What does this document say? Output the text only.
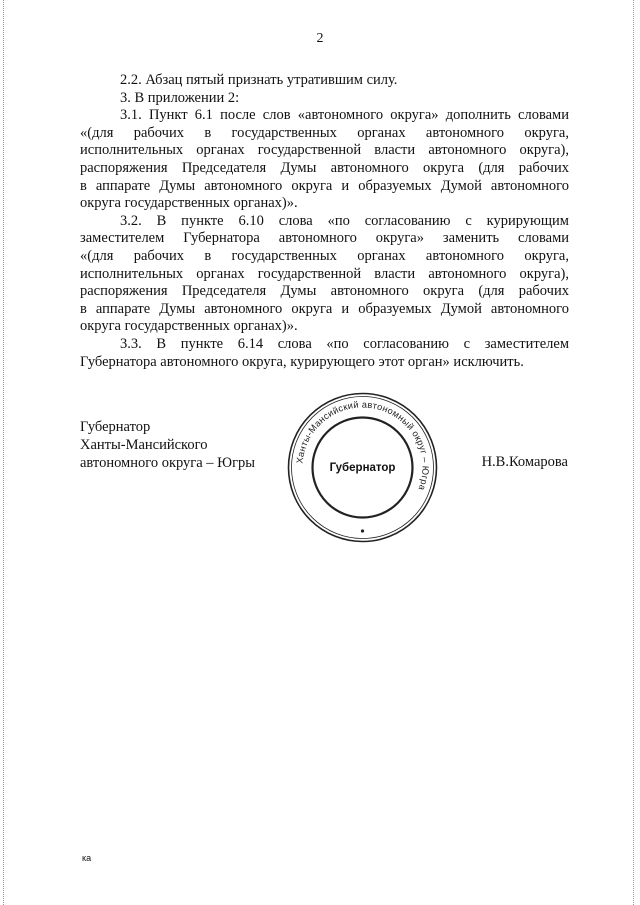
2

2.2. Абзац пятый признать утратившим силу.

3. В приложении 2:

3.1. Пункт 6.1 после слов «автономного округа» дополнить словами

«(для рабочих в государственных органах автономного округа,

исполнительных органах государственной власти автономного округа),

распоряжения Председателя Думы автономного округа (для рабочих

в аппарате Думы автономного округа и образуемых Думой автономного

округа государственных органах)».

3.2. В пункте 6.10 слова «по согласованию с курирующим

заместителем Губернатора автономного округа» заменить словами

«(для рабочих в государственных органах автономного округа,

исполнительных органах государственной власти автономного округа),

распоряжения Председателя Думы автономного округа (для рабочих

в аппарате Думы автономного округа и образуемых Думой автономного

округа государственных органах)».

3.3. В пункте 6.14 слова «по согласованию с заместителем

Губернатора автономного округа, курирующего этот орган» исключить.

Губернатор
Ханты-Мансийского
автономного округа – Югры	Н.В.Комарова
Ханты-Мансийский автономный округ – Югра
Губернатор
ка
